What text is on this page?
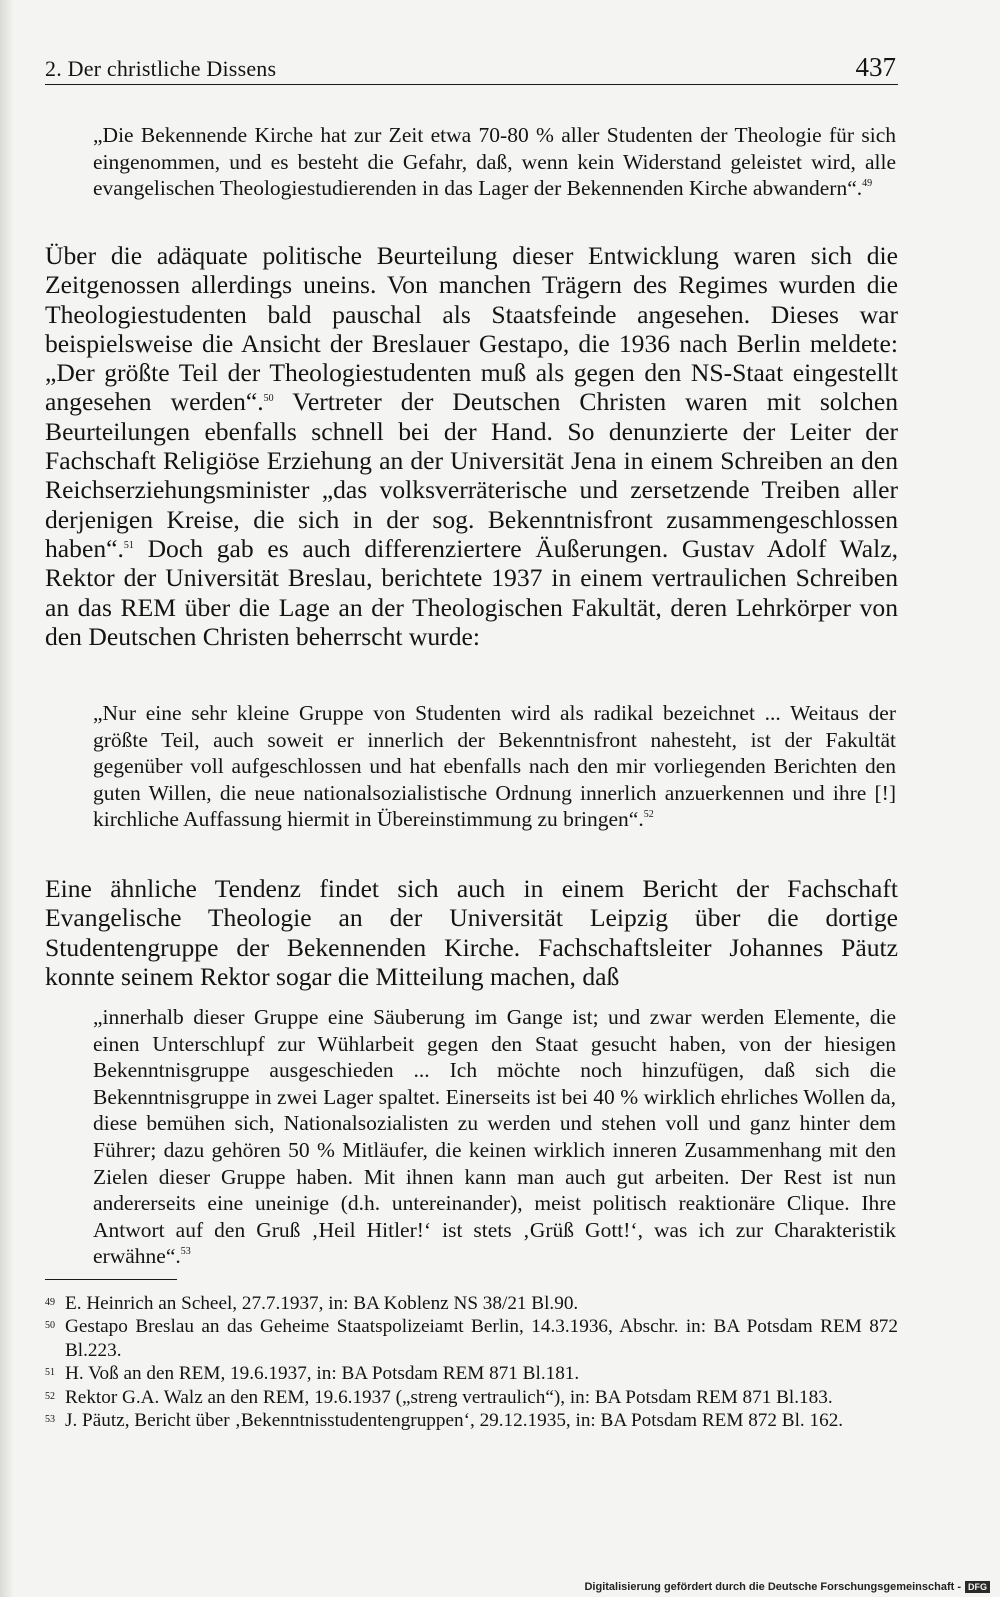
2. Der christliche Dissens	437
„Die Bekennende Kirche hat zur Zeit etwa 70-80 % aller Studenten der Theologie für sich eingenommen, und es besteht die Gefahr, daß, wenn kein Widerstand geleistet wird, alle evangelischen Theologiestudierenden in das Lager der Bekennenden Kirche abwandern“.$^{49}$
Über die adäquate politische Beurteilung dieser Entwicklung waren sich die Zeitgenossen allerdings uneins. Von manchen Trägern des Regimes wurden die Theologiestudenten bald pauschal als Staatsfeinde angesehen. Dieses war beispielsweise die Ansicht der Breslauer Gestapo, die 1936 nach Berlin meldete: „Der größte Teil der Theologiestudenten muß als gegen den NS-Staat eingestellt angesehen werden“.$^{50}$ Vertreter der Deutschen Christen waren mit solchen Beurteilungen ebenfalls schnell bei der Hand. So denunzierte der Leiter der Fachschaft Religiöse Erziehung an der Universität Jena in einem Schreiben an den Reichserziehungsminister „das volksverräterische und zersetzende Treiben aller derjenigen Kreise, die sich in der sog. Bekenntnisfront zusammengeschlossen haben“.$^{51}$ Doch gab es auch differenziertere Äußerungen. Gustav Adolf Walz, Rektor der Universität Breslau, berichtete 1937 in einem vertraulichen Schreiben an das REM über die Lage an der Theologischen Fakultät, deren Lehrkörper von den Deutschen Christen beherrscht wurde:
„Nur eine sehr kleine Gruppe von Studenten wird als radikal bezeichnet ... Weitaus der größte Teil, auch soweit er innerlich der Bekenntnisfront nahesteht, ist der Fakultät gegenüber voll aufgeschlossen und hat ebenfalls nach den mir vorliegenden Berichten den guten Willen, die neue nationalsozialistische Ordnung innerlich anzuerkennen und ihre [!] kirchliche Auffassung hiermit in Übereinstimmung zu bringen“.$^{52}$
Eine ähnliche Tendenz findet sich auch in einem Bericht der Fachschaft Evangelische Theologie an der Universität Leipzig über die dortige Studentengruppe der Bekennenden Kirche. Fachschaftsleiter Johannes Päutz konnte seinem Rektor sogar die Mitteilung machen, daß
„innerhalb dieser Gruppe eine Säuberung im Gange ist; und zwar werden Elemente, die einen Unterschlupf zur Wühlarbeit gegen den Staat gesucht haben, von der hiesigen Bekenntnisgruppe ausgeschieden ... Ich möchte noch hinzufügen, daß sich die Bekenntnisgruppe in zwei Lager spaltet. Einerseits ist bei 40 % wirklich ehrliches Wollen da, diese bemühen sich, Nationalsozialisten zu werden und stehen voll und ganz hinter dem Führer; dazu gehören 50 % Mitläufer, die keinen wirklich inneren Zusammenhang mit den Zielen dieser Gruppe haben. Mit ihnen kann man auch gut arbeiten. Der Rest ist nun andererseits eine uneinige (d.h. untereinander), meist politisch reaktionäre Clique. Ihre Antwort auf den Gruß ‚Heil Hitler!‘ ist stets ‚Grüß Gott!‘, was ich zur Charakteristik erwähne“.$^{53}$
49 E. Heinrich an Scheel, 27.7.1937, in: BA Koblenz NS 38/21 Bl.90.
50 Gestapo Breslau an das Geheime Staatspolizeiamt Berlin, 14.3.1936, Abschr. in: BA Potsdam REM 872 Bl.223.
51 H. Voß an den REM, 19.6.1937, in: BA Potsdam REM 871 Bl.181.
52 Rektor G.A. Walz an den REM, 19.6.1937 („streng vertraulich“), in: BA Potsdam REM 871 Bl.183.
53 J. Päutz, Bericht über ‚Bekenntnisstudentengruppen‘, 29.12.1935, in: BA Potsdam REM 872 Bl. 162.
Digitalisierung gefördert durch die Deutsche Forschungsgemeinschaft - DFG
